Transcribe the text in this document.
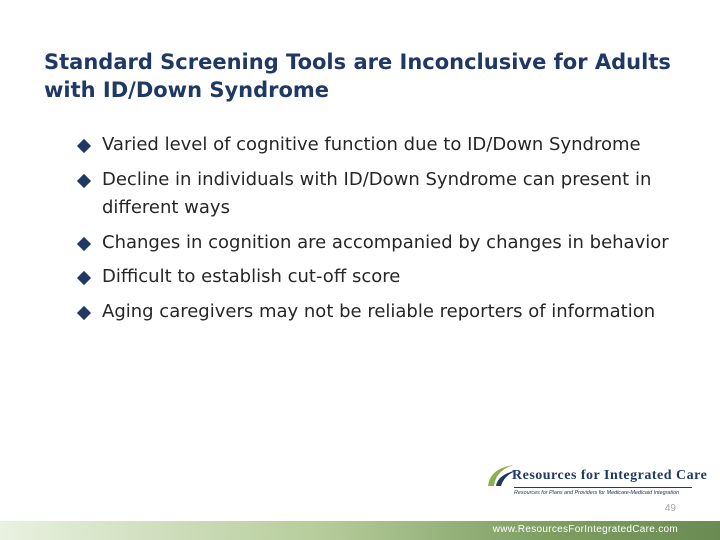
Standard Screening Tools are Inconclusive for Adults with ID/Down Syndrome
Varied level of cognitive function due to ID/Down Syndrome
Decline in individuals with ID/Down Syndrome can present in different ways
Changes in cognition are accompanied by changes in behavior
Difficult to establish cut-off score
Aging caregivers may not be reliable reporters of information
Resources for Integrated Care
Resources for Plans and Providers for Medicare-Medicaid Integration
49
www.ResourcesForIntegratedCare.com
